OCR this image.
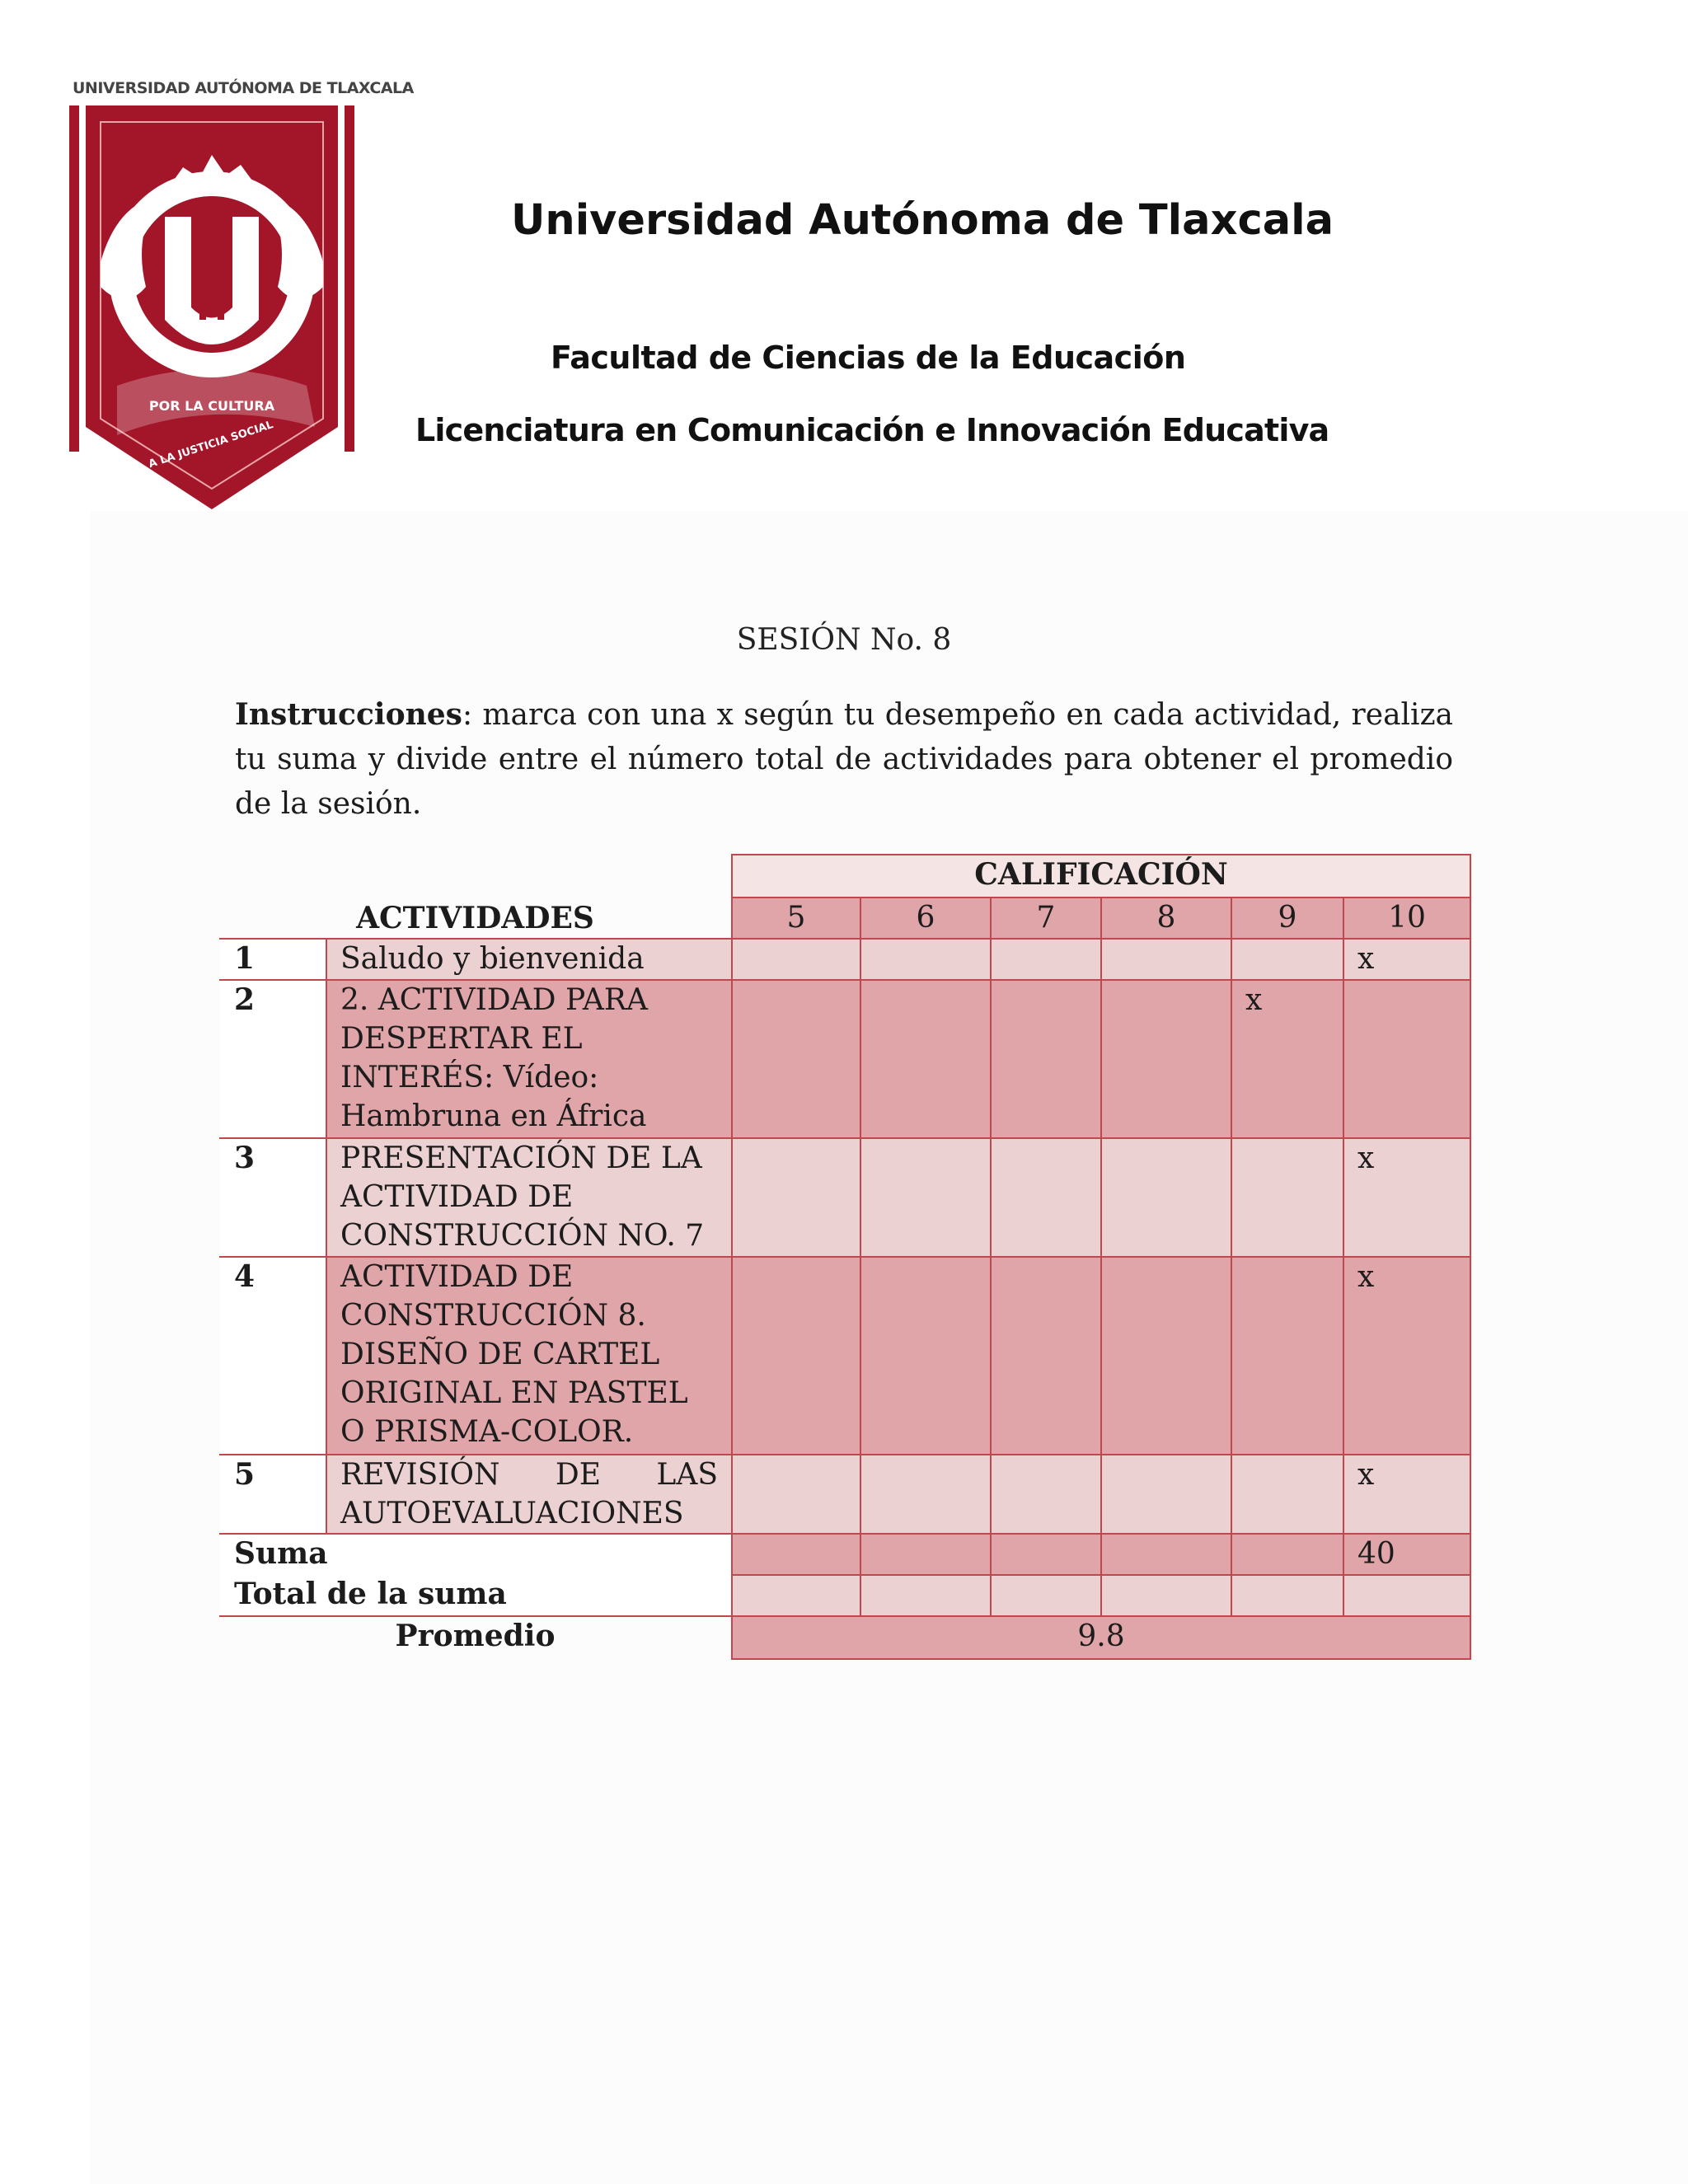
UNIVERSIDAD AUTÓNOMA DE TLAXCALA
POR LA CULTURA
A LA JUSTICIA SOCIAL
Universidad Autónoma de Tlaxcala
Facultad de Ciencias de la Educación
Licenciatura en Comunicación e Innovación Educativa
SESIÓN No. 8
Instrucciones: marca con una x según tu desempeño en cada actividad, realiza tu suma y divide entre el número total de actividades para obtener el promedio de la sesión.
ACTIVIDADES		CALIFICACIÓN					
		5	6	7	8	9	10
1	Saludo y bienvenida						x
2	2. ACTIVIDAD PARA DESPERTAR EL INTERÉS: Vídeo: Hambruna en África					x	
3	PRESENTACIÓN DE LA ACTIVIDAD DE CONSTRUCCIÓN NO. 7						x
4	ACTIVIDAD DE CONSTRUCCIÓN 8. DISEÑO DE CARTEL ORIGINAL EN PASTEL O PRISMA-COLOR.						x
5	REVISIÓN DE LAS AUTOEVALUACIONES						x
Suma							40
Total de la suma							
Promedio		9.8					
